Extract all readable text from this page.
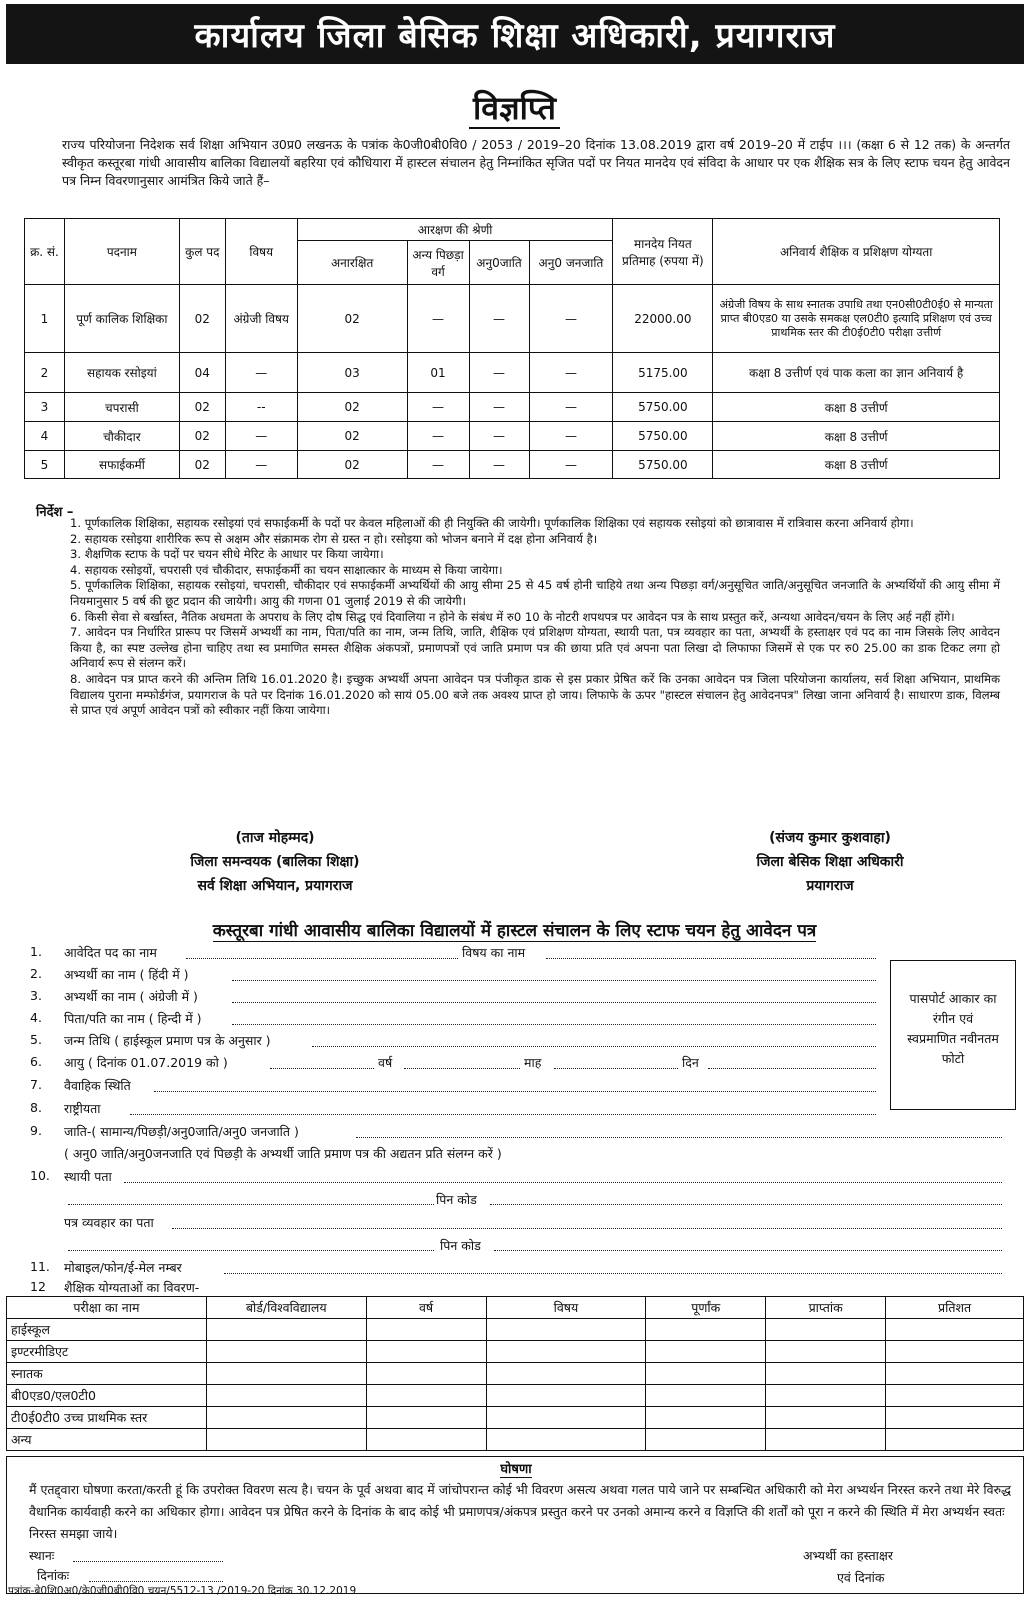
कार्यालय जिला बेसिक शिक्षा अधिकारी, प्रयागराज
विज्ञप्ति

राज्य परियोजना निदेशक सर्व शिक्षा अभियान उ0प्र0 लखनऊ के पत्रांक के0जी0बी0वि0 / 2053 / 2019–20 दिनांक 13.08.2019 द्वारा वर्ष 2019–20 में टाईप ।।। (कक्षा 6 से 12 तक) के अन्तर्गत स्वीकृत कस्तूरबा गांधी आवासीय बालिका विद्यालयों बहरिया एवं कौधियारा में हास्टल संचालन हेतु निम्नांकित सृजित पदों पर नियत मानदेय एवं संविदा के आधार पर एक शैक्षिक सत्र के लिए स्टाफ चयन हेतु आवेदन पत्र निम्न विवरणानुसार आमंत्रित किये जाते हैं–

क्र. सं.	पदनाम	कुल पद	विषय	आरक्षण की श्रेणी				मानदेय नियत प्रतिमाह (रुपया में)	अनिवार्य शैक्षिक व प्रशिक्षण योग्यता
				अनारक्षित	अन्य पिछड़ा वर्ग	अनु0जाति	अनु0 जनजाति		
1	पूर्ण कालिक शिक्षिका	02	अंग्रेजी विषय	02	—	—	—	22000.00	अंग्रेजी विषय के साथ स्नातक उपाधि तथा एन0सी0टी0ई0 से मान्यता प्राप्त बी0एड0 या उसके समकक्ष एल0टी0 इत्यादि प्रशिक्षण एवं उच्च प्राथमिक स्तर की टी0ई0टी0 परीक्षा उत्तीर्ण
2	सहायक रसोइयां	04	—	03	01	—	—	5175.00	कक्षा 8 उत्तीर्ण एवं पाक कला का ज्ञान अनिवार्य है
3	चपरासी	02	--	02	—	—	—	5750.00	कक्षा 8 उत्तीर्ण
4	चौकीदार	02	—	02	—	—	—	5750.00	कक्षा 8 उत्तीर्ण
5	सफाईकर्मी	02	—	02	—	—	—	5750.00	कक्षा 8 उत्तीर्ण
निर्देश –

1. पूर्णकालिक शिक्षिका, सहायक रसोइयां एवं सफाईकर्मी के पदों पर केवल महिलाओं की ही नियुक्ति की जायेगी। पूर्णकालिक शिक्षिका एवं सहायक रसोइयां को छात्रावास में रात्रिवास करना अनिवार्य होगा।

2. सहायक रसोइया शारीरिक रूप से अक्षम और संक्रामक रोग से ग्रस्त न हो। रसोइया को भोजन बनाने में दक्ष होना अनिवार्य है।

3. शैक्षणिक स्टाफ के पदों पर चयन सीधे मेरिट के आधार पर किया जायेगा।

4. सहायक रसोइयों, चपरासी एवं चौकीदार, सफाईकर्मी का चयन साक्षात्कार के माध्यम से किया जायेगा।

5. पूर्णकालिक शिक्षिका, सहायक रसोइयां, चपरासी, चौकीदार एवं सफाईकर्मी अभ्यर्थियों की आयु सीमा 25 से 45 वर्ष होनी चाहिये तथा अन्य पिछड़ा वर्ग/अनुसूचित जाति/अनुसूचित जनजाति के अभ्यर्थियों की आयु सीमा में नियमानुसार 5 वर्ष की छूट प्रदान की जायेगी। आयु की गणना 01 जुलाई 2019 से की जायेगी।

6. किसी सेवा से बर्खास्त, नैतिक अधमता के अपराध के लिए दोष सिद्ध एवं दिवालिया न होने के संबंध में रु0 10 के नोटरी शपथपत्र पर आवेदन पत्र के साथ प्रस्तुत करें, अन्यथा आवेदन/चयन के लिए अर्ह नहीं होंगे।

7. आवेदन पत्र निर्धारित प्रारूप पर जिसमें अभ्यर्थी का नाम, पिता/पति का नाम, जन्म तिथि, जाति, शैक्षिक एवं प्रशिक्षण योग्यता, स्थायी पता, पत्र व्यवहार का पता, अभ्यर्थी के हस्ताक्षर एवं पद का नाम जिसके लिए आवेदन किया है, का स्पष्ट उल्लेख होना चाहिए तथा स्व प्रमाणित समस्त शैक्षिक अंकपत्रों, प्रमाणपत्रों एवं जाति प्रमाण पत्र की छाया प्रति एवं अपना पता लिखा दो लिफाफा जिसमें से एक पर रु0 25.00 का डाक टिकट लगा हो अनिवार्य रूप से संलग्न करें।

8. आवेदन पत्र प्राप्त करने की अन्तिम तिथि 16.01.2020 है। इच्छुक अभ्यर्थी अपना आवेदन पत्र पंजीकृत डाक से इस प्रकार प्रेषित करें कि उनका आवेदन पत्र जिला परियोजना कार्यालय, सर्व शिक्षा अभियान, प्राथमिक विद्यालय पुराना मम्फोर्डगंज, प्रयागराज के पते पर दिनांक 16.01.2020 को सायं 05.00 बजे तक अवश्य प्राप्त हो जाय। लिफाफे के ऊपर "हास्टल संचालन हेतु आवेदनपत्र" लिखा जाना अनिवार्य है। साधारण डाक, विलम्ब से प्राप्त एवं अपूर्ण आवेदन पत्रों को स्वीकार नहीं किया जायेगा।

(ताज मोहम्मद)
जिला समन्वयक (बालिका शिक्षा)
सर्व शिक्षा अभियान, प्रयागराज
(संजय कुमार कुशवाहा)
जिला बेसिक शिक्षा अधिकारी
प्रयागराज
कस्तूरबा गांधी आवासीय बालिका विद्यालयों में हास्टल संचालन के लिए स्टाफ चयन हेतु आवेदन पत्र
1. आवेदित पद का नाम	विषय का नाम
2. अभ्यर्थी का नाम ( हिंदी में )
3. अभ्यर्थी का नाम ( अंग्रेजी में )
4. पिता/पति का नाम ( हिन्दी में )
5. जन्म तिथि ( हाईस्कूल प्रमाण पत्र के अनुसार )
6. आयु ( दिनांक 01.07.2019 को )	वर्ष	माह	दिन
7. वैवाहिक स्थिति
8. राष्ट्रीयता
9. जाति-( सामान्य/पिछड़ी/अनु0जाति/अनु0 जनजाति )
( अनु0 जाति/अनु0जनजाति एवं पिछड़ी के अभ्यर्थी जाति प्रमाण पत्र की अद्यतन प्रति संलग्न करें )
10. स्थायी पता
पिन कोड
पत्र व्यवहार का पता
पिन कोड
11. मोबाइल/फोन/ई-मेल नम्बर
12 शैक्षिक योग्यताओं का विवरण-
पासपोर्ट आकार का
रंगीन एवं
स्वप्रमाणित नवीनतम
फोटो
परीक्षा का नाम	बोर्ड/विश्वविद्यालय	वर्ष	विषय	पूर्णांक	प्राप्तांक	प्रतिशत
हाईस्कूल						
इण्टरमीडिएट						
स्नातक						
बी0एड0/एल0टी0						
टी0ई0टी0 उच्च प्राथमिक स्तर						
अन्य						
घोषणा

मैं एतद्द्वारा घोषणा करता/करती हूं कि उपरोक्त विवरण सत्य है। चयन के पूर्व अथवा बाद में जांचोपरान्त कोई भी विवरण असत्य अथवा गलत पाये जाने पर सम्बन्धित अधिकारी को मेरा अभ्यर्थन निरस्त करने तथा मेरे विरुद्ध वैधानिक कार्यवाही करने का अधिकार होगा। आवेदन पत्र प्रेषित करने के दिनांक के बाद कोई भी प्रमाणपत्र/अंकपत्र प्रस्तुत करने पर उनको अमान्य करने व विज्ञप्ति की शर्तों को पूरा न करने की स्थिति में मेरा अभ्यर्थन स्वतः निरस्त समझा जाये।

स्थानः
दिनांकः
अभ्यर्थी का हस्ताक्षर
एवं दिनांक
पत्रांक-बे0शि0अ0/के0जी0बी0वि0 चयन/5512-13 /2019-20 दिनांक 30.12.2019
